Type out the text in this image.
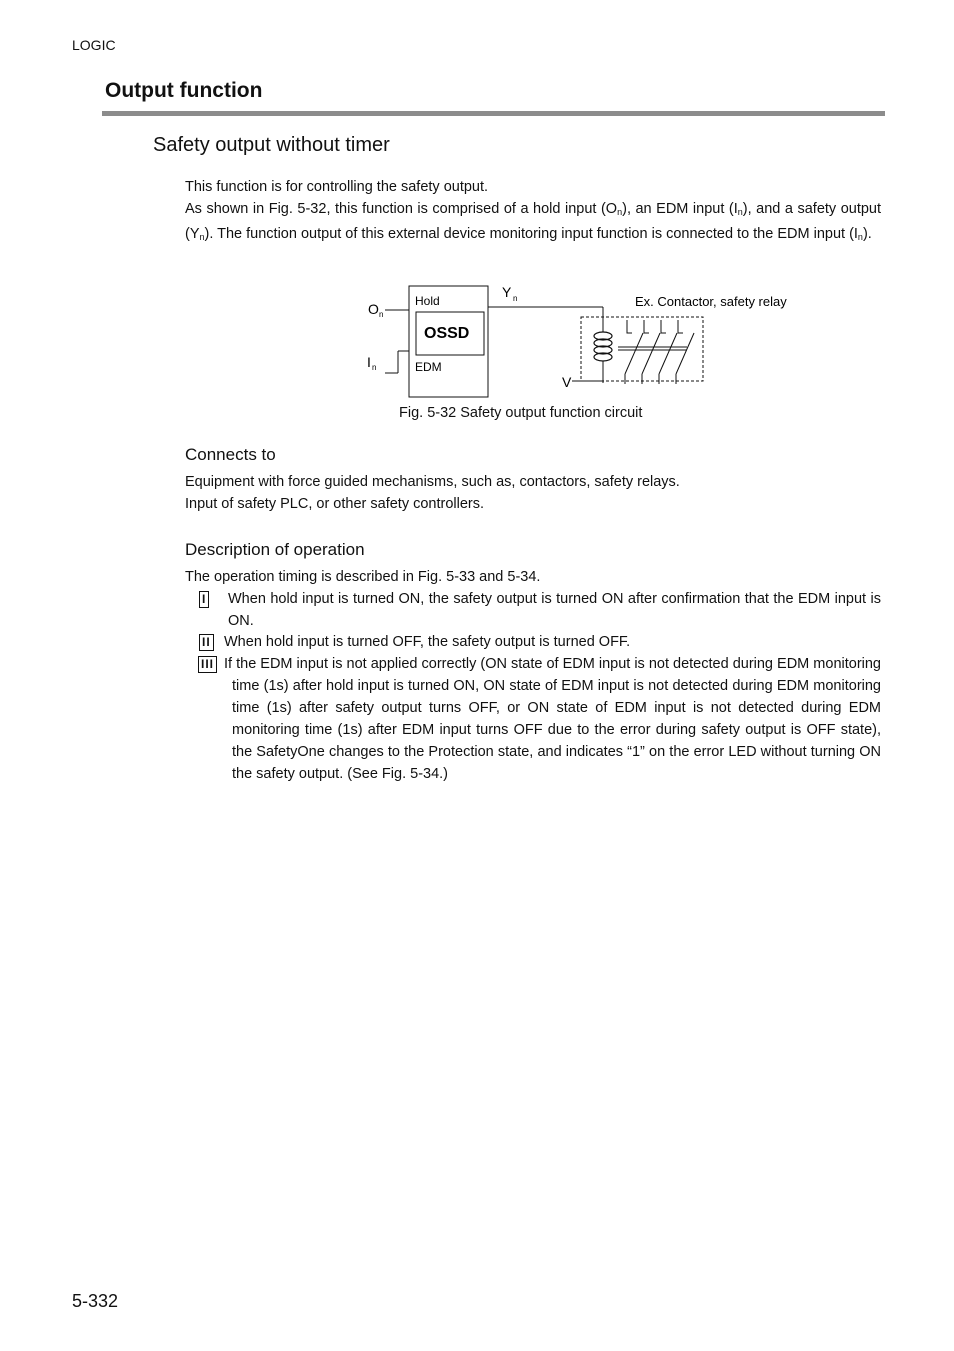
LOGIC
Output function
Safety output without timer

This function is for controlling the safety output.

As shown in Fig. 5-32, this function is comprised of a hold input $(O_n)$, an EDM input $(I_n)$, and a safety output $(Y_n)$. The function output of this external device monitoring input function is connected to the EDM input $(I_n)$.

O n
I n
Hold
OSSD
EDM
Y n	Ex. Contactor, safety relay
V
Fig. 5-32 Safety output function circuit
Connects to

Equipment with force guided mechanisms, such as, contactors, safety relays.

Input of safety PLC, or other safety controllers.

Description of operation
The operation timing is described in Fig. 5-33 and 5-34.
I	When hold input is turned ON, the safety output is turned ON after confirmation that the EDM input is ON.
II When hold input is turned OFF, the safety output is turned OFF.
III If the EDM input is not applied correctly (ON state of EDM input is not detected during EDM monitoring time (1s) after hold input is turned ON, ON state of EDM input is not detected during EDM monitoring time (1s) after safety output turns OFF, or ON state of EDM input is not detected during EDM monitoring time (1s) after EDM input turns OFF due to the error during safety output is OFF state), the SafetyOne changes to the Protection state, and indicates “1” on the error LED without turning ON the safety output. (See Fig. 5-34.)
5-332
